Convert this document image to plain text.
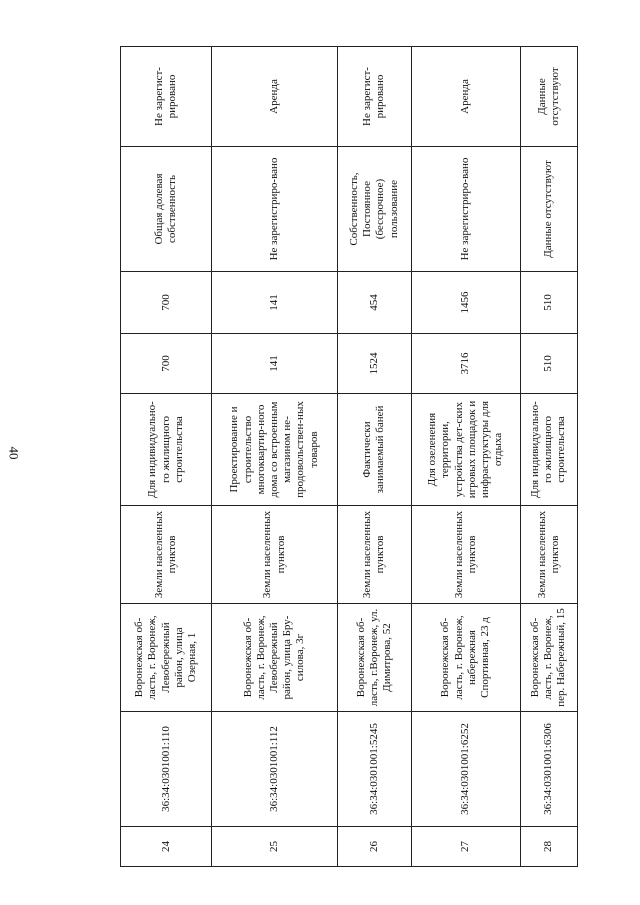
40
24	36:34:0301001:110	Воронежская об-ласть, г. Воронеж, Левобережный район, улица Озерная, 1	Земли населенных пунктов	Для индивидуально-го жилищного строительства	700	700	Общая долевая собственность	Не зарегист-рировано
25	36:34:0301001:112	Воронежская об-ласть, г. Воронеж, Левобережный район, улица Бру-силова, 3г	Земли населенных пунктов	Проектирование и строительство многоквартир-ного дома со встроенным магазином не-продовольствен-ных товаров	141	141	Не зарегистриро-вано	Аренда
26	36:34:0301001:5245	Воронежская об-ласть, г.Воронеж, ул. Димитрова, 52	Земли населенных пунктов	Фактически занимаемый баней	1524	454	Собственность, Постоянное (бессрочное) пользование	Не зарегист-рировано
27	36:34:0301001:6252	Воронежская об-ласть, г. Воронеж, набережная Спортивная, 23 д	Земли населенных пунктов	Для озеленения территории, устройства дет-ских игровых площадок и инфраструктуры для отдыха	3716	1456	Не зарегистриро-вано	Аренда
28	36:34:0301001:6306	Воронежская об-ласть, г. Воронеж, пер. Набережный, 15	Земли населенных пунктов	Для индивидуально-го жилищного строительства	510	510	Данные отсутствуют	Данные отсутствуют
